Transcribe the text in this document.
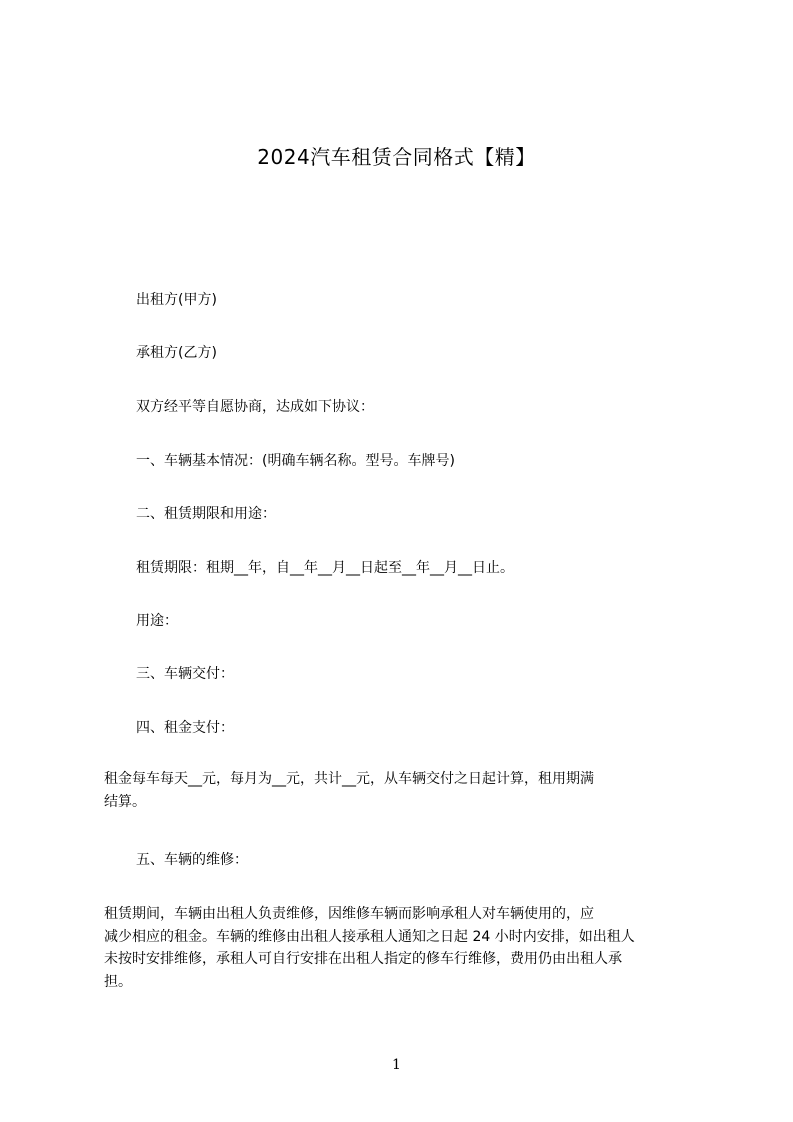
2024汽车租赁合同格式【精】
出租方(甲方)
承租方(乙方)
双方经平等自愿协商，达成如下协议：
一、车辆基本情况：(明确车辆名称。型号。车牌号)
二、租赁期限和用途：
租赁期限：租期__年，自__年__月__日起至__年__月__日止。
用途：
三、车辆交付：
四、租金支付：
租金每车每天__元，每月为__元，共计__元，从车辆交付之日起计算，租用期满
结算。
五、车辆的维修：
租赁期间，车辆由出租人负责维修，因维修车辆而影响承租人对车辆使用的，应
减少相应的租金。车辆的维修由出租人接承租人通知之日起 24 小时内安排，如出租人
未按时安排维修，承租人可自行安排在出租人指定的修车行维修，费用仍由出租人承
担。
1
